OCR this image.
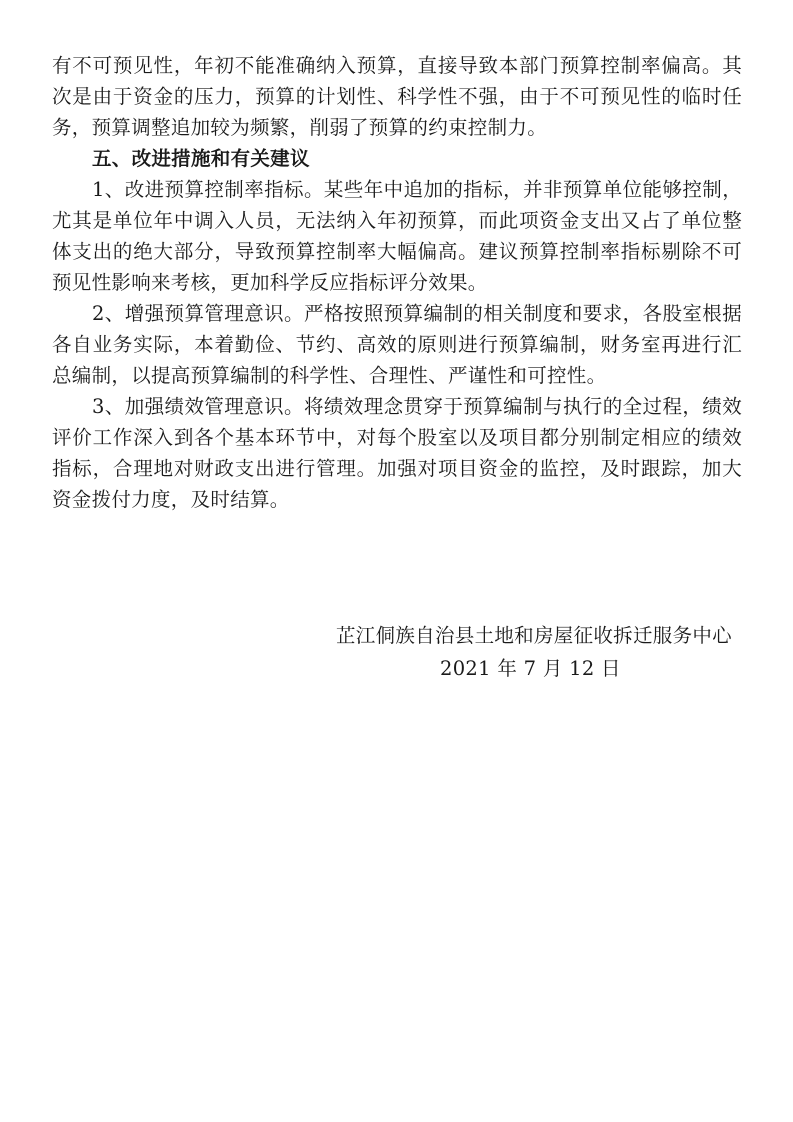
有不可预见性，年初不能准确纳入预算，直接导致本部门预算控制率偏高。其次是由于资金的压力，预算的计划性、科学性不强，由于不可预见性的临时任务，预算调整追加较为频繁，削弱了预算的约束控制力。

五、改进措施和有关建议

1、改进预算控制率指标。某些年中追加的指标，并非预算单位能够控制，尤其是单位年中调入人员，无法纳入年初预算，而此项资金支出又占了单位整体支出的绝大部分，导致预算控制率大幅偏高。建议预算控制率指标剔除不可预见性影响来考核，更加科学反应指标评分效果。

2、增强预算管理意识。严格按照预算编制的相关制度和要求，各股室根据各自业务实际，本着勤俭、节约、高效的原则进行预算编制，财务室再进行汇总编制，以提高预算编制的科学性、合理性、严谨性和可控性。

3、加强绩效管理意识。将绩效理念贯穿于预算编制与执行的全过程，绩效评价工作深入到各个基本环节中，对每个股室以及项目都分别制定相应的绩效指标，合理地对财政支出进行管理。加强对项目资金的监控，及时跟踪，加大资金拨付力度，及时结算。

芷江侗族自治县土地和房屋征收拆迁服务中心
2021 年 7 月 12 日
